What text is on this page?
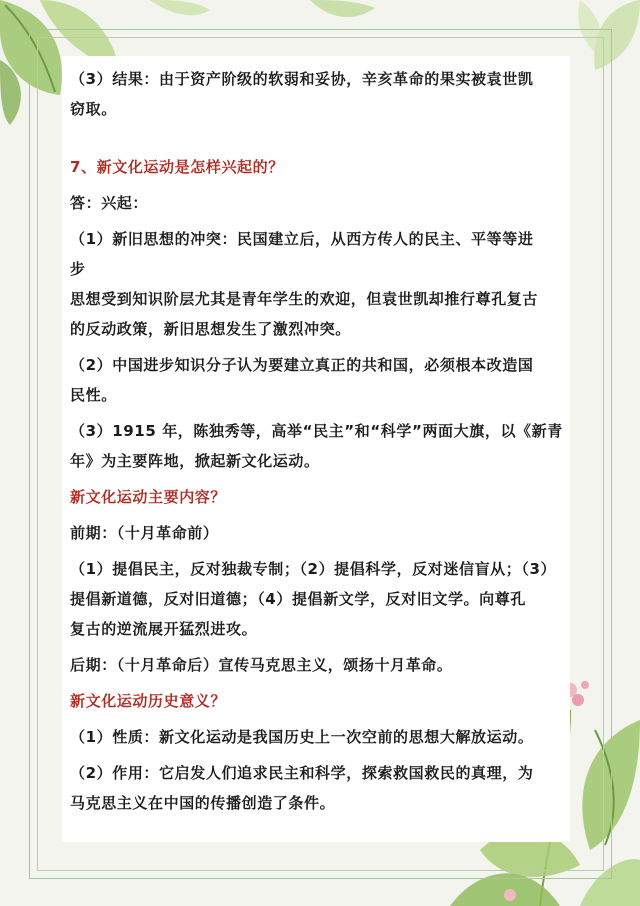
（3）结果：由于资产阶级的软弱和妥协，辛亥革命的果实被袁世凯

窃取。

7、新文化运动是怎样兴起的？

答：兴起：

（1）新旧思想的冲突：民国建立后，从西方传人的民主、平等等进

步

思想受到知识阶层尤其是青年学生的欢迎，但袁世凯却推行尊孔复古

的反动政策，新旧思想发生了激烈冲突。

（2）中国进步知识分子认为要建立真正的共和国，必须根本改造国

民性。

（3）1915 年，陈独秀等，高举“民主”和“科学”两面大旗，以《新青

年》为主要阵地，掀起新文化运动。

新文化运动主要内容？

前期：（十月革命前）

（1）提倡民主，反对独裁专制；（2）提倡科学，反对迷信盲从；（3）

提倡新道德，反对旧道德；（4）提倡新文学，反对旧文学。向尊孔

复古的逆流展开猛烈进攻。

后期：（十月革命后）宣传马克思主义，颂扬十月革命。

新文化运动历史意义？

（1）性质：新文化运动是我国历史上一次空前的思想大解放运动。

（2）作用：它启发人们追求民主和科学，探索救国救民的真理，为

马克思主义在中国的传播创造了条件。
